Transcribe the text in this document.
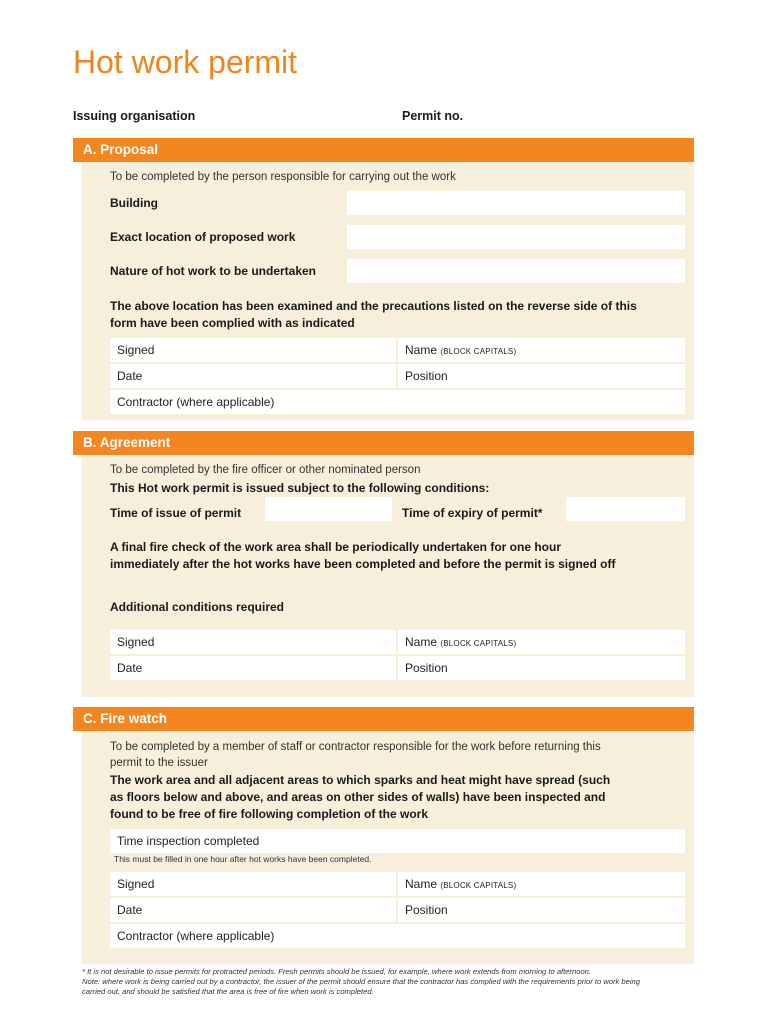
Hot work permit
Issuing organisation	Permit no.
A. Proposal
To be completed by the person responsible for carrying out the work
Building
Exact location of proposed work
Nature of hot work to be undertaken
The above location has been examined and the precautions listed on the reverse side of this
form have been complied with as indicated
Signed	Name (BLOCK CAPITALS)
Date	Position
Contractor (where applicable)
B. Agreement
To be completed by the fire officer or other nominated person
This Hot work permit is issued subject to the following conditions:
Time of issue of permit	Time of expiry of permit*
A final fire check of the work area shall be periodically undertaken for one hour
immediately after the hot works have been completed and before the permit is signed off
Additional conditions required
Signed	Name (BLOCK CAPITALS)
Date	Position
C. Fire watch
To be completed by a member of staff or contractor responsible for the work before returning this
permit to the issuer
The work area and all adjacent areas to which sparks and heat might have spread (such
as floors below and above, and areas on other sides of walls) have been inspected and
found to be free of fire following completion of the work
Time inspection completed
This must be filled in one hour after hot works have been completed.
Signed	Name (BLOCK CAPITALS)
Date	Position
Contractor (where applicable)
* It is not desirable to issue permits for protracted periods. Fresh permits should be issued, for example, where work extends from morning to afternoon.
Note: where work is being carried out by a contractor, the issuer of the permit should ensure that the contractor has complied with the requirements prior to work being
carried out, and should be satisfied that the area is free of fire when work is completed.
